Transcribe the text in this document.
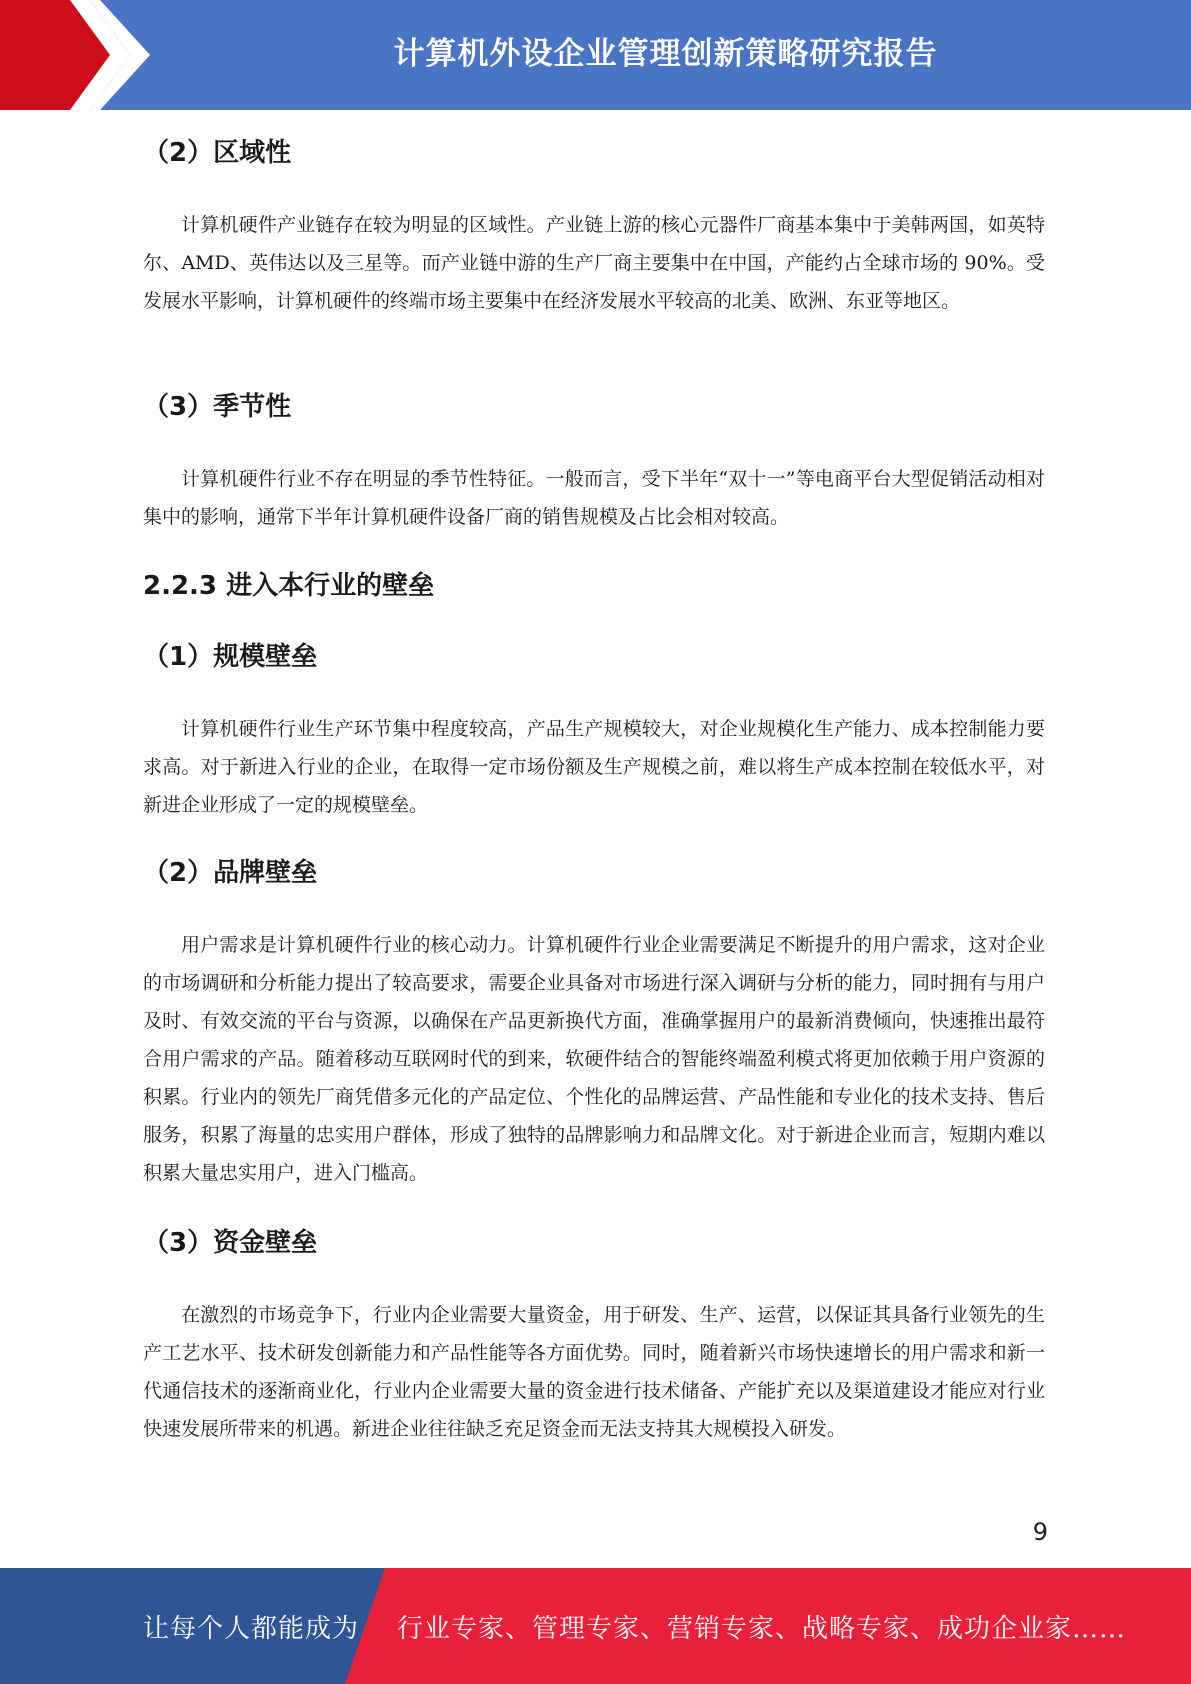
计算机外设企业管理创新策略研究报告
（2）区域性

计算机硬件产业链存在较为明显的区域性。产业链上游的核心元器件厂商基本集中于美韩两国，如英特尔、AMD、英伟达以及三星等。而产业链中游的生产厂商主要集中在中国，产能约占全球市场的 90%。受发展水平影响，计算机硬件的终端市场主要集中在经济发展水平较高的北美、欧洲、东亚等地区。

（3）季节性

计算机硬件行业不存在明显的季节性特征。一般而言，受下半年“双十一”等电商平台大型促销活动相对集中的影响，通常下半年计算机硬件设备厂商的销售规模及占比会相对较高。

2.2.3 进入本行业的壁垒
（1）规模壁垒

计算机硬件行业生产环节集中程度较高，产品生产规模较大，对企业规模化生产能力、成本控制能力要求高。对于新进入行业的企业，在取得一定市场份额及生产规模之前，难以将生产成本控制在较低水平，对新进企业形成了一定的规模壁垒。

（2）品牌壁垒

用户需求是计算机硬件行业的核心动力。计算机硬件行业企业需要满足不断提升的用户需求，这对企业的市场调研和分析能力提出了较高要求，需要企业具备对市场进行深入调研与分析的能力，同时拥有与用户及时、有效交流的平台与资源，以确保在产品更新换代方面，准确掌握用户的最新消费倾向，快速推出最符合用户需求的产品。随着移动互联网时代的到来，软硬件结合的智能终端盈利模式将更加依赖于用户资源的积累。行业内的领先厂商凭借多元化的产品定位、个性化的品牌运营、产品性能和专业化的技术支持、售后服务，积累了海量的忠实用户群体，形成了独特的品牌影响力和品牌文化。对于新进企业而言，短期内难以积累大量忠实用户，进入门槛高。

（3）资金壁垒

在激烈的市场竞争下，行业内企业需要大量资金，用于研发、生产、运营，以保证其具备行业领先的生产工艺水平、技术研发创新能力和产品性能等各方面优势。同时，随着新兴市场快速增长的用户需求和新一代通信技术的逐渐商业化，行业内企业需要大量的资金进行技术储备、产能扩充以及渠道建设才能应对行业快速发展所带来的机遇。新进企业往往缺乏充足资金而无法支持其大规模投入研发。

9
让每个人都能成为 行业专家、管理专家、营销专家、战略专家、成功企业家……
